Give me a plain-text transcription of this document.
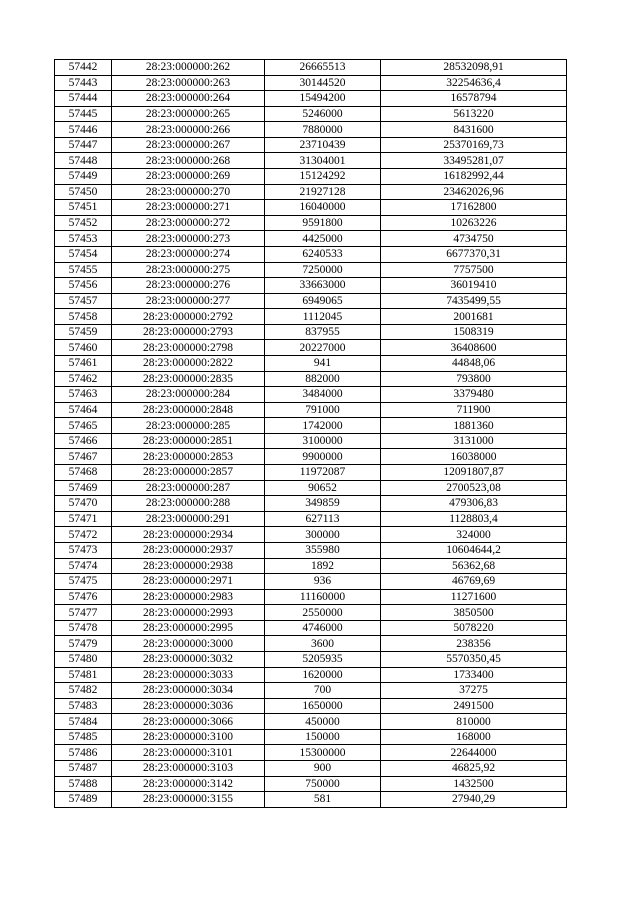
57442	28:23:000000:262	26665513	28532098,91
57443	28:23:000000:263	30144520	32254636,4
57444	28:23:000000:264	15494200	16578794
57445	28:23:000000:265	5246000	5613220
57446	28:23:000000:266	7880000	8431600
57447	28:23:000000:267	23710439	25370169,73
57448	28:23:000000:268	31304001	33495281,07
57449	28:23:000000:269	15124292	16182992,44
57450	28:23:000000:270	21927128	23462026,96
57451	28:23:000000:271	16040000	17162800
57452	28:23:000000:272	9591800	10263226
57453	28:23:000000:273	4425000	4734750
57454	28:23:000000:274	6240533	6677370,31
57455	28:23:000000:275	7250000	7757500
57456	28:23:000000:276	33663000	36019410
57457	28:23:000000:277	6949065	7435499,55
57458	28:23:000000:2792	1112045	2001681
57459	28:23:000000:2793	837955	1508319
57460	28:23:000000:2798	20227000	36408600
57461	28:23:000000:2822	941	44848,06
57462	28:23:000000:2835	882000	793800
57463	28:23:000000:284	3484000	3379480
57464	28:23:000000:2848	791000	711900
57465	28:23:000000:285	1742000	1881360
57466	28:23:000000:2851	3100000	3131000
57467	28:23:000000:2853	9900000	16038000
57468	28:23:000000:2857	11972087	12091807,87
57469	28:23:000000:287	90652	2700523,08
57470	28:23:000000:288	349859	479306,83
57471	28:23:000000:291	627113	1128803,4
57472	28:23:000000:2934	300000	324000
57473	28:23:000000:2937	355980	10604644,2
57474	28:23:000000:2938	1892	56362,68
57475	28:23:000000:2971	936	46769,69
57476	28:23:000000:2983	11160000	11271600
57477	28:23:000000:2993	2550000	3850500
57478	28:23:000000:2995	4746000	5078220
57479	28:23:000000:3000	3600	238356
57480	28:23:000000:3032	5205935	5570350,45
57481	28:23:000000:3033	1620000	1733400
57482	28:23:000000:3034	700	37275
57483	28:23:000000:3036	1650000	2491500
57484	28:23:000000:3066	450000	810000
57485	28:23:000000:3100	150000	168000
57486	28:23:000000:3101	15300000	22644000
57487	28:23:000000:3103	900	46825,92
57488	28:23:000000:3142	750000	1432500
57489	28:23:000000:3155	581	27940,29
